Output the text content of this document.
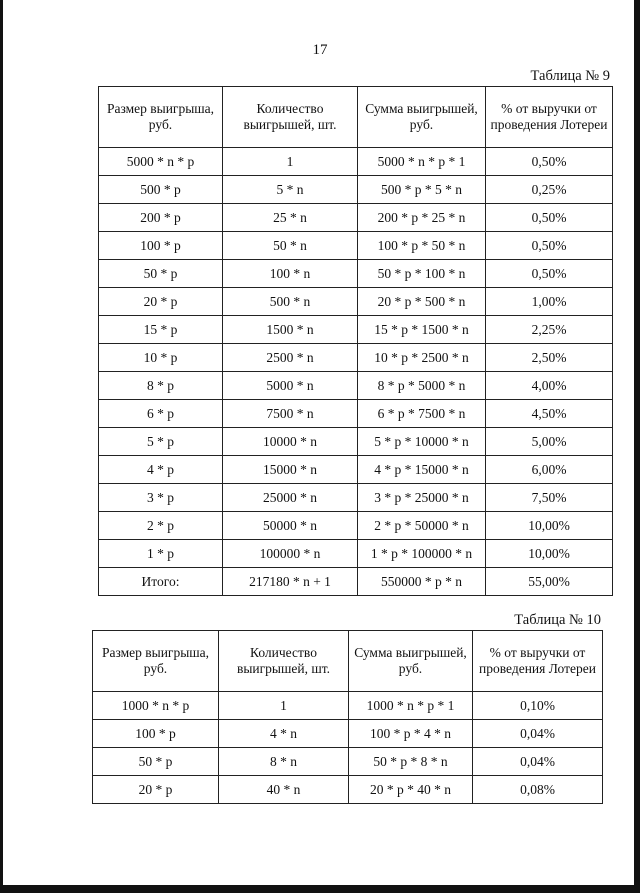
17
Таблица № 9
Размер выигрыша, руб.	Количество выигрышей, шт.	Сумма выигрышей, руб.	% от выручки от проведения Лотереи
5000 * n * p	1	5000 * n * p * 1	0,50%
500 * p	5 * n	500 * p * 5 * n	0,25%
200 * p	25 * n	200 * p * 25 * n	0,50%
100 * p	50 * n	100 * p * 50 * n	0,50%
50 * p	100 * n	50 * p * 100 * n	0,50%
20 * p	500 * n	20 * p * 500 * n	1,00%
15 * p	1500 * n	15 * p * 1500 * n	2,25%
10 * p	2500 * n	10 * p * 2500 * n	2,50%
8 * p	5000 * n	8 * p * 5000 * n	4,00%
6 * p	7500 * n	6 * p * 7500 * n	4,50%
5 * p	10000 * n	5 * p * 10000 * n	5,00%
4 * p	15000 * n	4 * p * 15000 * n	6,00%
3 * p	25000 * n	3 * p * 25000 * n	7,50%
2 * p	50000 * n	2 * p * 50000 * n	10,00%
1 * p	100000 * n	1 * p * 100000 * n	10,00%
Итого:	217180 * n + 1	550000 * p * n	55,00%
Таблица № 10
Размер выигрыша, руб.	Количество выигрышей, шт.	Сумма выигрышей, руб.	% от выручки от проведения Лотереи
1000 * n * p	1	1000 * n * p * 1	0,10%
100 * p	4 * n	100 * p * 4 * n	0,04%
50 * p	8 * n	50 * p * 8 * n	0,04%
20 * p	40 * n	20 * p * 40 * n	0,08%
